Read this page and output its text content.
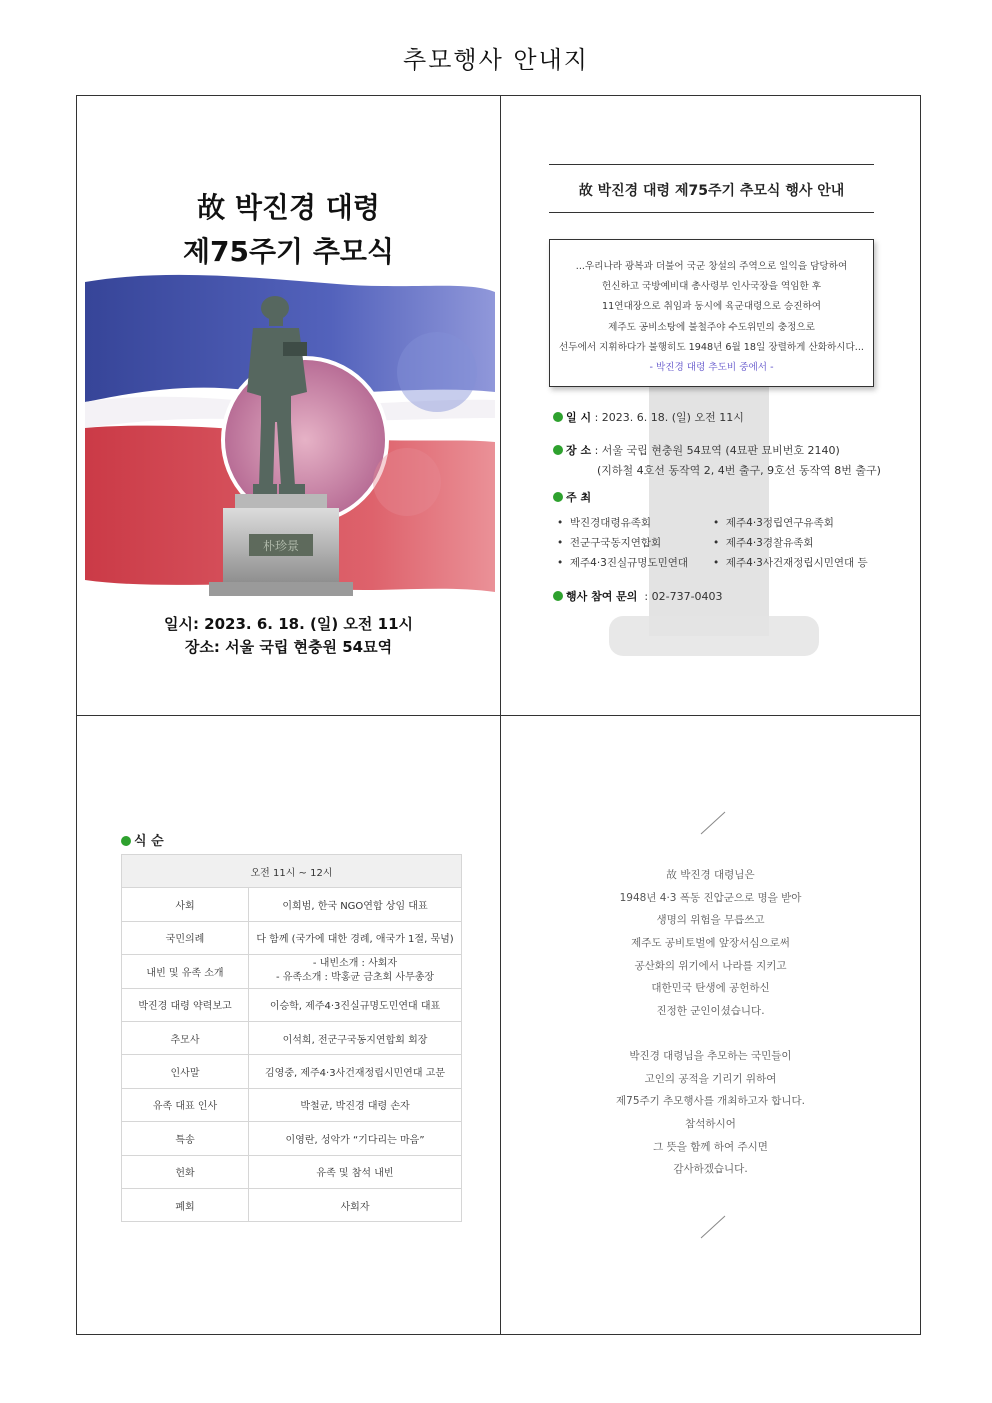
추모행사 안내지
故 박진경 대령
제75주기 추모식
朴珍景
일시: 2023. 6. 18. (일) 오전 11시
장소: 서울 국립 현충원 54묘역
故 박진경 대령 제75주기 추모식 행사 안내
...우리나라 광복과 더불어 국군 창설의 주역으로 일익을 담당하여
헌신하고 국방예비대 총사령부 인사국장을 역임한 후
11연대장으로 취임과 동시에 육군대령으로 승진하여
제주도 공비소탕에 불철주야 수도위민의 충정으로
선두에서 지휘하다가 불행히도 1948년 6월 18일 장렬하게 산화하시다...
- 박진경 대령 추도비 중에서 -
일 시 : 2023. 6. 18. (일) 오전 11시
장 소 : 서울 국립 현충원 54묘역 (4묘판 묘비번호 2140)
(지하철 4호선 동작역 2, 4번 출구, 9호선 동작역 8번 출구)
주 최
•  박진경대령유족회
•  전군구국동지연합회
•  제주4·3진실규명도민연대
•  제주4·3정립연구유족회
•  제주4·3경찰유족회
•  제주4·3사건재정립시민연대 등
행사 참여 문의 : 02-737-0403
식 순
오전 11시 ~ 12시	
사회	이희범, 한국 NGO연합 상임 대표
국민의례	다 함께 (국가에 대한 경례, 애국가 1절, 묵념)
내빈 및 유족 소개	- 내빈소개 : 사회자
- 유족소개 : 박홍균 금초회 사무총장

박진경 대령 약력보고	이승학, 제주4·3진실규명도민연대 대표
추모사	이석희, 전군구국동지연합회 회장
인사말	김영중, 제주4·3사건재정립시민연대 고문
유족 대표 인사	박철균, 박진경 대령 손자
특송	이영란, 성악가 “기다리는 마음”
헌화	유족 및 참석 내빈
폐회	사회자
故 박진경 대령님은
1948년 4·3 폭동 진압군으로 명을 받아
생명의 위험을 무릅쓰고
제주도 공비토벌에 앞장서심으로써
공산화의 위기에서 나라를 지키고
대한민국 탄생에 공헌하신
진정한 군인이셨습니다.
박진경 대령님을 추모하는 국민들이
고인의 공적을 기리기 위하여
제75주기 추모행사를 개최하고자 합니다.
참석하시어
그 뜻을 함께 하여 주시면
감사하겠습니다.
